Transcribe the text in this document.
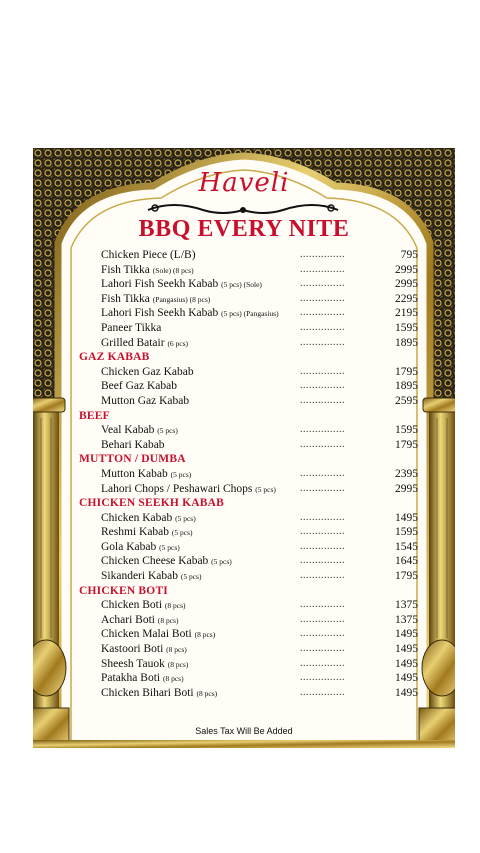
Haveli
BBQ EVERY NITE
Chicken Piece (L/B)	...............	795
Fish Tikka (Sole) (8 pcs)	...............	2995
Lahori Fish Seekh Kabab (5 pcs) (Sole)	...............	2995
Fish Tikka (Pangasius) (8 pcs)	...............	2295
Lahori Fish Seekh Kabab (5 pcs) (Pangasius) ...............	2195
Paneer Tikka	...............	1595
Grilled Batair (6 pcs)	...............	1895
GAZ KABAB
Chicken Gaz Kabab	...............	1795
Beef Gaz Kabab	...............	1895
Mutton Gaz Kabab	...............	2595
BEEF
Veal Kabab (5 pcs)	...............	1595
Behari Kabab	...............	1795
MUTTON / DUMBA
Mutton Kabab (5 pcs)	...............	2395
Lahori Chops / Peshawari Chops (5 pcs) ...............	2995
CHICKEN SEEKH KABAB
Chicken Kabab (5 pcs)	...............	1495
Reshmi Kabab (5 pcs)	...............	1595
Gola Kabab (5 pcs)	...............	1545
Chicken Cheese Kabab (5 pcs)	...............	1645
Sikanderi Kabab (5 pcs)	...............	1795
CHICKEN BOTI
Chicken Boti (8 pcs)	...............	1375
Achari Boti (8 pcs)	...............	1375
Chicken Malai Boti (8 pcs)	...............	1495
Kastoori Boti (8 pcs)	...............	1495
Sheesh Tauok (8 pcs)	...............	1495
Patakha Boti (8 pcs)	...............	1495
Chicken Bihari Boti (8 pcs)	...............	1495
Sales Tax Will Be Added
